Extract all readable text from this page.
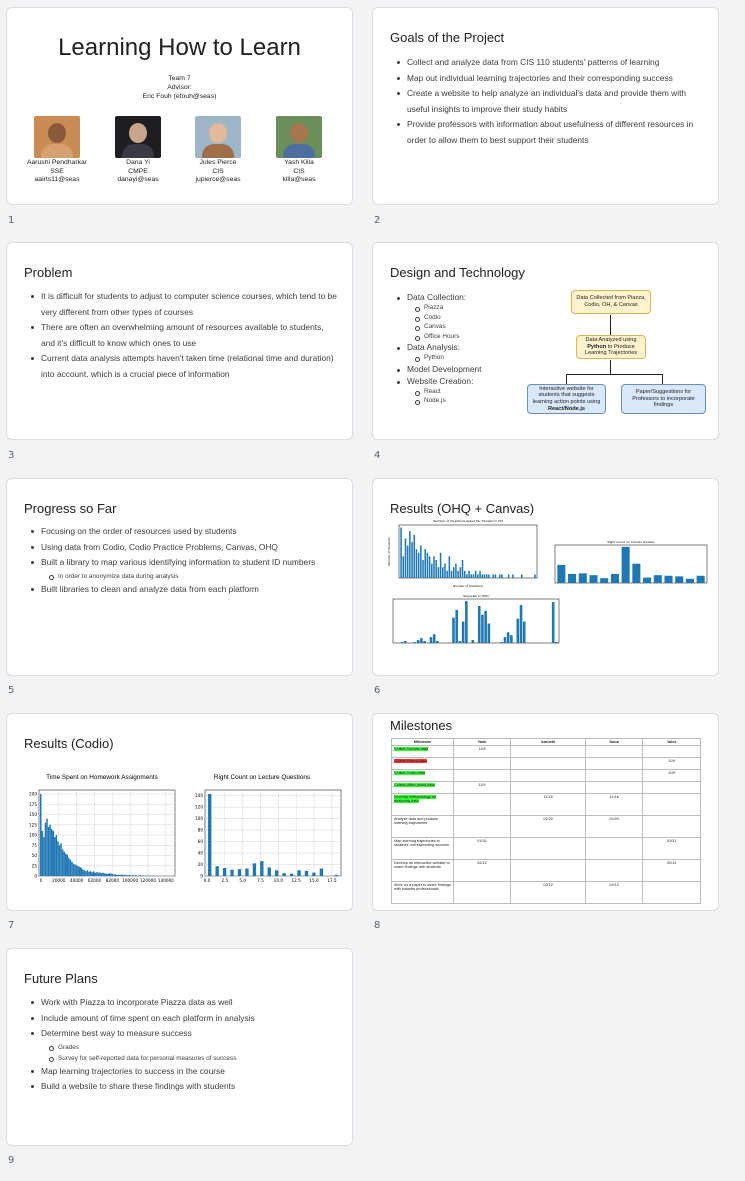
Learning How to Learn
Team 7
Advisor:
Eric Fouh (efouh@seas)
Aarushi Pendharkar
SSE
aairts11@seas
Dana Yi
CMPE
danayi@seas
Jules Pierce
CIS
jupierce@seas
Yash Killa
CIS
killa@seas
1
Goals of the Project
Collect and analyze data from CIS 110 students' patterns of learning
Map out individual learning trajectories and their corresponding success
Create a website to help analyze an individual's data and provide them with useful insights to improve their study habits
Provide professors with information about usefulness of different resources in order to allow them to best support their students
2
Problem
It is difficult for students to adjust to computer science courses, which tend to be very different from other types of courses
There are often an overwhelming amount of resources available to students, and it's difficult to know which ones to use
Current data analysis attempts haven't taken time (relational time and duration) into account, which is a crucial piece of information
3
Design and Technology
Data Collection:
Piazza
Codio
Canvas
Office Hours
Data Analysis:
Python
Model Development
Website Creation:
React
Node.js
Data Collected from Piazza, Codio, OH, & Canvas
Data Analyzed using Python to Produce Learning Trajectories
Interactive website for students that suggests learning action points using React/Node.js
Paper/Suggestions for Professors to incorporate findings
4
Progress so Far
Focusing on the order of resources used by students
Using data from Codio, Codio Practice Problems, Canvas, OHQ
Built a library to map various identifying information to student ID numbers
In order to anonymize data during analysis
Built libraries to clean and analyze data from each platform
5
Results (OHQ + Canvas)
Number of Questions Asked Per Student in OH
Number of Questions
Number of Students	Right Count on Canvas Quizzes
Requests in OHQ
6
Results (Codio)
Time Spent on Homework Assignments	Right Count on Lecture Questions
0
25
50
75
100
125
150
175
200
0 20000 40000 62000 82000 100000 120000 140000
0
20
40
60
80
100
120
140
0.0	2.5	5.0	7.5 10.0 12.5 15.0 17.5
7
Milestones
Milestone	Yash	Aarushi	Dana	Jules
Collect Canvas data	11/9			
Collect Piazza data				11/9
Collect Codio data				11/9
Collect office hours data	11/9			
Develop methodology for analyzing data		11/16	11/16	
Analyze data and produce learning trajectories		01/20	01/20	
Map learning trajectories to students' corresponding success	01/31			01/31
Develop an interactive website to share findings with students	02/12			02/12
Work on a paper to share findings with industry professionals		02/12	02/12	
8
Future Plans
Work with Piazza to incorporate Piazza data as well
Include amount of time spent on each platform in analysis
Determine best way to measure success
Grades
Survey for self-reported data for personal measures of success
Map learning trajectories to success in the course
Build a website to share these findings with students
9
